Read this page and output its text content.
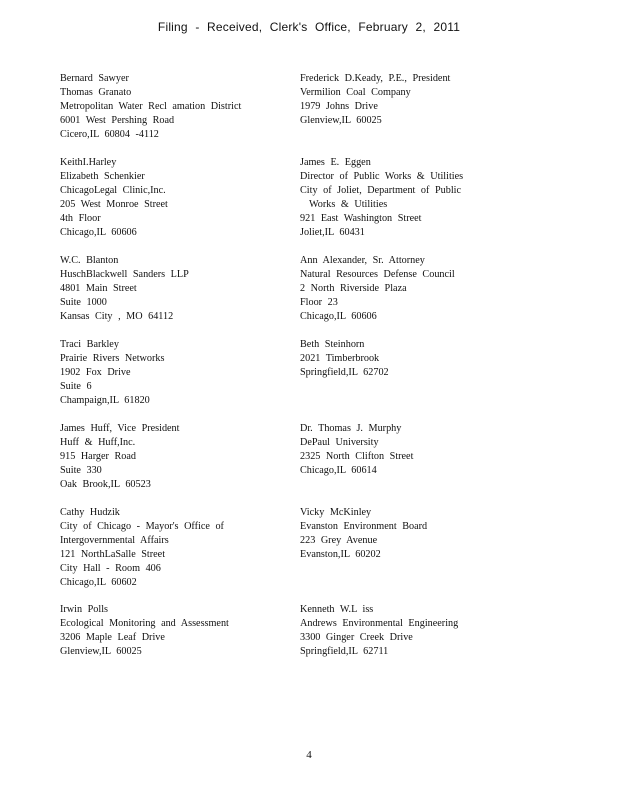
Filing - Received, Clerk's Office, February 2, 2011
Bernard Sawyer
Thomas Granato
Metropolitan Water Recl amation District
6001 West Pershing Road
Cicero,IL 60804 -4112
KeithI.Harley
Elizabeth Schenkier
ChicagoLegal Clinic,Inc.
205 West Monroe Street
4th Floor
Chicago,IL 60606
W.C. Blanton
HuschBlackwell Sanders LLP
4801 Main Street
Suite 1000
Kansas City , MO 64112
Traci Barkley
Prairie Rivers Networks
1902 Fox Drive
Suite 6
Champaign,IL 61820
James Huff, Vice President
Huff & Huff,Inc.
915 Harger Road
Suite 330
Oak Brook,IL 60523
Cathy Hudzik
City of Chicago - Mayor's Office of
Intergovernmental Affairs
121 NorthLaSalle Street
City Hall - Room 406
Chicago,IL 60602
Irwin Polls
Ecological Monitoring and Assessment
3206 Maple Leaf Drive
Glenview,IL 60025
Frederick D.Keady, P.E., President
Vermilion Coal Company
1979 Johns Drive
Glenview,IL 60025
James E. Eggen
Director of Public Works & Utilities
City of Joliet, Department of Public
Works & Utilities
921 East Washington Street
Joliet,IL 60431
Ann Alexander, Sr. Attorney
Natural Resources Defense Council
2 North Riverside Plaza
Floor 23
Chicago,IL 60606
Beth Steinhorn
2021 Timberbrook
Springfield,IL 62702
Dr. Thomas J. Murphy
DePaul University
2325 North Clifton Street
Chicago,IL 60614
Vicky McKinley
Evanston Environment Board
223 Grey Avenue
Evanston,IL 60202
Kenneth W.L iss
Andrews Environmental Engineering
3300 Ginger Creek Drive
Springfield,IL 62711
4
